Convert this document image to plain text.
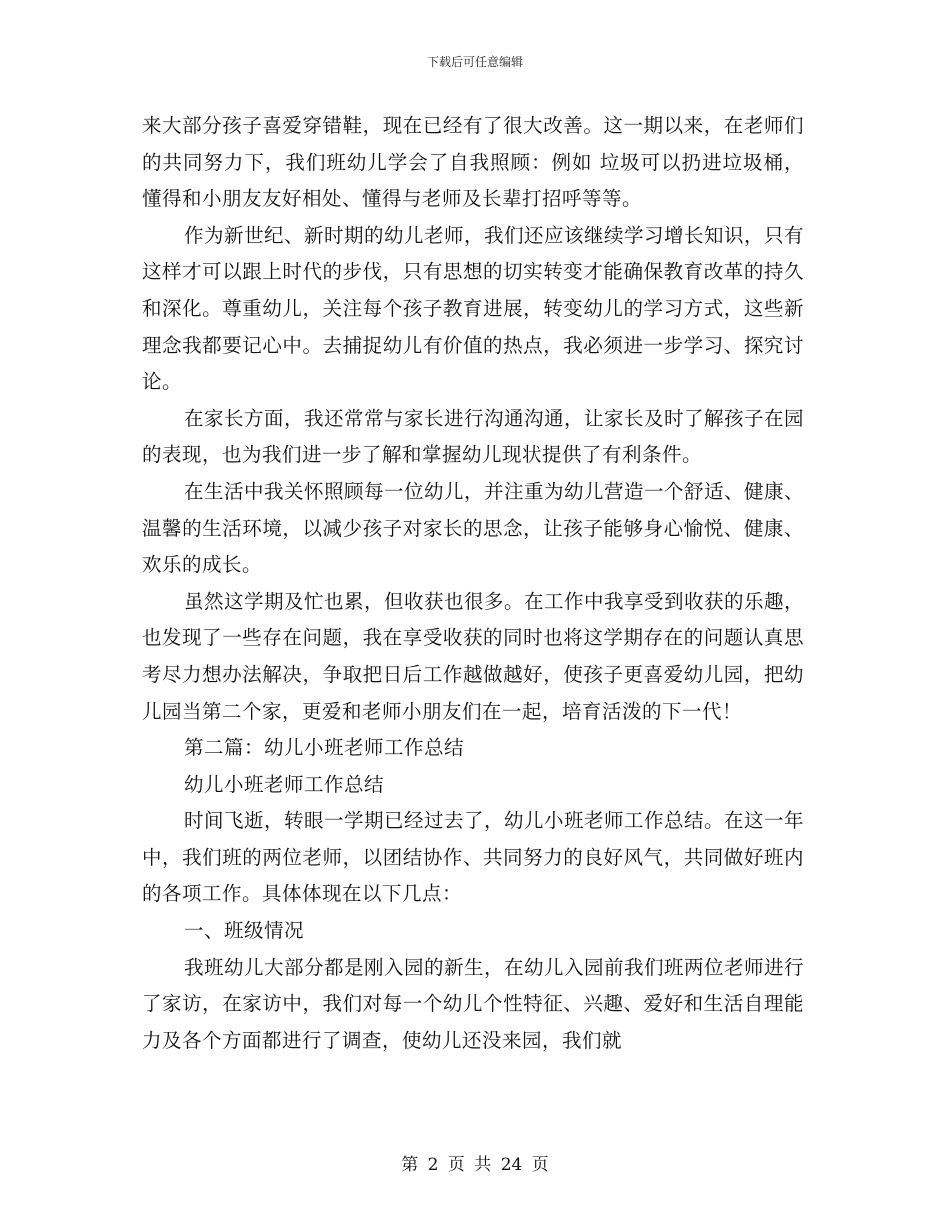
下载后可任意编辑

来大部分孩子喜爱穿错鞋，现在已经有了很大改善。这一期以来，在老师们的共同努力下，我们班幼儿学会了自我照顾：例如 垃圾可以扔进垃圾桶，懂得和小朋友友好相处、懂得与老师及长辈打招呼等等。

作为新世纪、新时期的幼儿老师，我们还应该继续学习增长知识，只有这样才可以跟上时代的步伐，只有思想的切实转变才能确保教育改革的持久和深化。尊重幼儿，关注每个孩子教育进展，转变幼儿的学习方式，这些新理念我都要记心中。去捕捉幼儿有价值的热点，我必须进一步学习、探究讨论。

在家长方面，我还常常与家长进行沟通沟通，让家长及时了解孩子在园的表现，也为我们进一步了解和掌握幼儿现状提供了有利条件。

在生活中我关怀照顾每一位幼儿，并注重为幼儿营造一个舒适、健康、温馨的生活环境，以减少孩子对家长的思念，让孩子能够身心愉悦、健康、欢乐的成长。

虽然这学期及忙也累，但收获也很多。在工作中我享受到收获的乐趣，也发现了一些存在问题，我在享受收获的同时也将这学期存在的问题认真思考尽力想办法解决，争取把日后工作越做越好，使孩子更喜爱幼儿园，把幼儿园当第二个家，更爱和老师小朋友们在一起，培育活泼的下一代！

第二篇：幼儿小班老师工作总结

幼儿小班老师工作总结

时间飞逝，转眼一学期已经过去了，幼儿小班老师工作总结。在这一年中，我们班的两位老师，以团结协作、共同努力的良好风气，共同做好班内的各项工作。具体体现在以下几点：

一、班级情况

我班幼儿大部分都是刚入园的新生，在幼儿入园前我们班两位老师进行了家访，在家访中，我们对每一个幼儿个性特征、兴趣、爱好和生活自理能力及各个方面都进行了调查，使幼儿还没来园，我们就

第 2 页 共 24 页
